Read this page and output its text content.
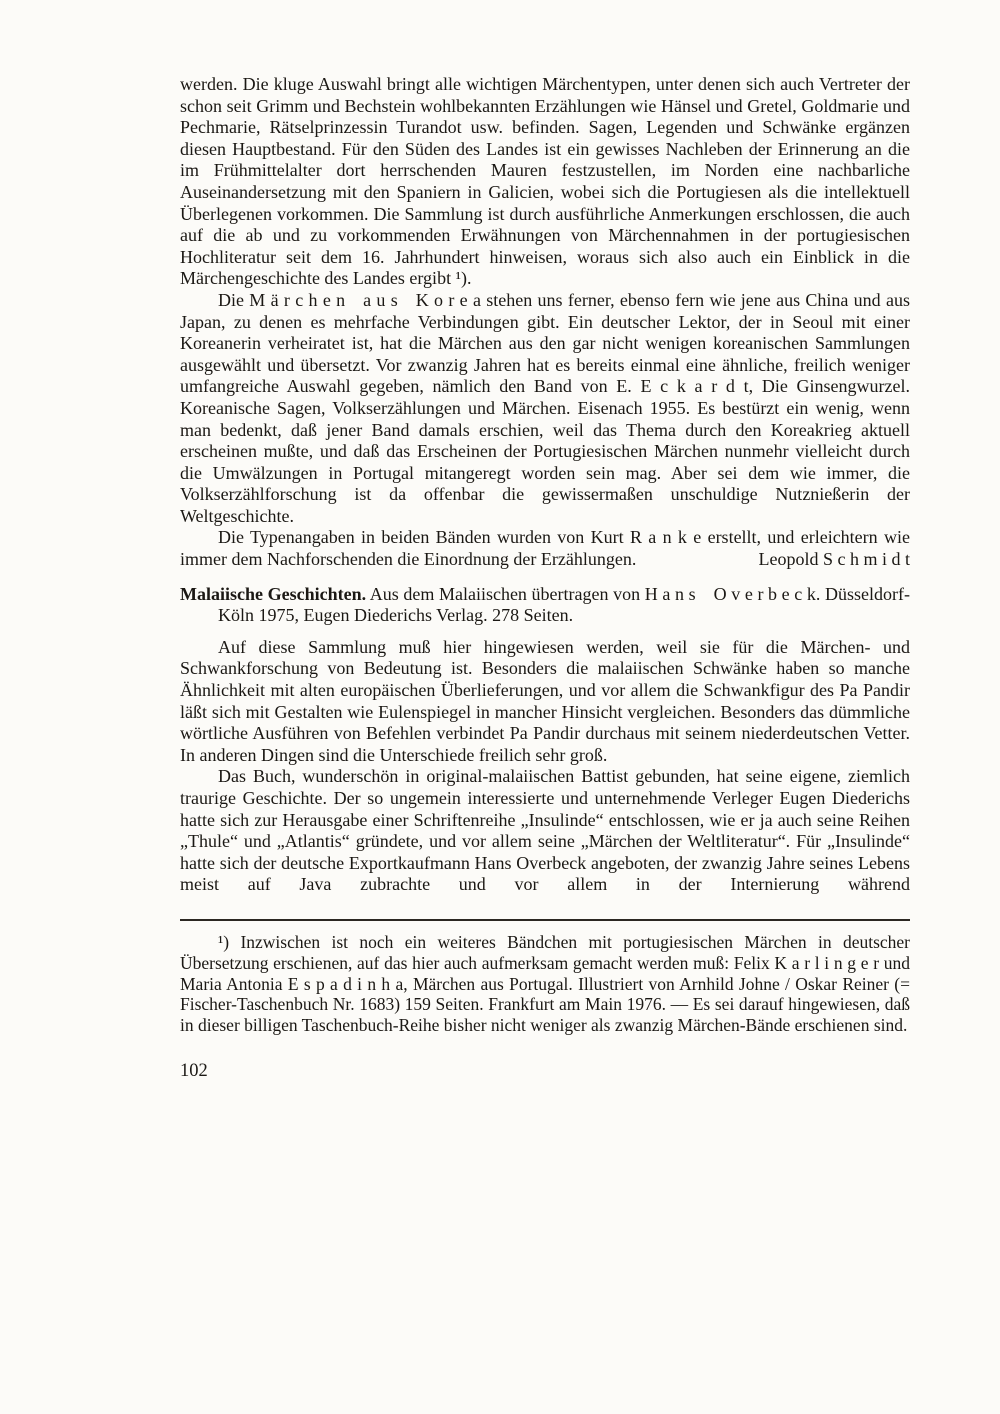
werden. Die kluge Auswahl bringt alle wichtigen Märchentypen, unter denen sich auch Vertreter der schon seit Grimm und Bechstein wohlbekannten Erzählungen wie Hänsel und Gretel, Goldmarie und Pechmarie, Rätselprinzessin Turandot usw. befinden. Sagen, Legenden und Schwänke ergänzen diesen Hauptbestand. Für den Süden des Landes ist ein gewisses Nachleben der Erinnerung an die im Frühmittelalter dort herrschenden Mauren festzustellen, im Norden eine nachbarliche Auseinandersetzung mit den Spaniern in Galicien, wobei sich die Portugiesen als die intellektuell Überlegenen vorkommen. Die Sammlung ist durch ausführliche Anmerkungen erschlossen, die auch auf die ab und zu vorkommenden Erwähnungen von Märchennahmen in der portugiesischen Hochliteratur seit dem 16. Jahrhundert hinweisen, woraus sich also auch ein Einblick in die Märchengeschichte des Landes ergibt ¹).

Die M ä r c h e n a u s K o r e a stehen uns ferner, ebenso fern wie jene aus China und aus Japan, zu denen es mehrfache Verbindungen gibt. Ein deutscher Lektor, der in Seoul mit einer Koreanerin verheiratet ist, hat die Märchen aus den gar nicht wenigen koreanischen Sammlungen ausgewählt und übersetzt. Vor zwanzig Jahren hat es bereits einmal eine ähnliche, freilich weniger umfangreiche Auswahl gegeben, nämlich den Band von E. E c k a r d t, Die Ginsengwurzel. Koreanische Sagen, Volkserzählungen und Märchen. Eisenach 1955. Es bestürzt ein wenig, wenn man bedenkt, daß jener Band damals erschien, weil das Thema durch den Koreakrieg aktuell erscheinen mußte, und daß das Erscheinen der Portugiesischen Märchen nunmehr vielleicht durch die Umwälzungen in Portugal mitangeregt worden sein mag. Aber sei dem wie immer, die Volkserzählforschung ist da offenbar die gewissermaßen unschuldige Nutznießerin der Weltgeschichte.

Die Typenangaben in beiden Bänden wurden von Kurt R a n k e erstellt, und erleichtern wie immer dem Nachforschenden die Einordnung der Erzählungen.	Leopold S c h m i d t

Malaiische Geschichten. Aus dem Malaiischen übertragen von H a n s O v e r b e c k. Düsseldorf-Köln 1975, Eugen Diederichs Verlag. 278 Seiten.

Auf diese Sammlung muß hier hingewiesen werden, weil sie für die Märchen- und Schwankforschung von Bedeutung ist. Besonders die malaiischen Schwänke haben so manche Ähnlichkeit mit alten europäischen Überlieferungen, und vor allem die Schwankfigur des Pa Pandir läßt sich mit Gestalten wie Eulenspiegel in mancher Hinsicht vergleichen. Besonders das dümmliche wörtliche Ausführen von Befehlen verbindet Pa Pandir durchaus mit seinem niederdeutschen Vetter. In anderen Dingen sind die Unterschiede freilich sehr groß.

Das Buch, wunderschön in original-malaiischen Battist gebunden, hat seine eigene, ziemlich traurige Geschichte. Der so ungemein interessierte und unternehmende Verleger Eugen Diederichs hatte sich zur Herausgabe einer Schriftenreihe „Insulinde“ entschlossen, wie er ja auch seine Reihen „Thule“ und „Atlantis“ gründete, und vor allem seine „Märchen der Weltliteratur“. Für „Insulinde“ hatte sich der deutsche Exportkaufmann Hans Overbeck angeboten, der zwanzig Jahre seines Lebens meist auf Java zubrachte und vor allem in der Internierung während

¹) Inzwischen ist noch ein weiteres Bändchen mit portugiesischen Märchen in deutscher Übersetzung erschienen, auf das hier auch aufmerksam gemacht werden muß: Felix K a r l i n g e r und Maria Antonia E s p a d i n h a, Märchen aus Portugal. Illustriert von Arnhild Johne / Oskar Reiner (= Fischer-Taschenbuch Nr. 1683) 159 Seiten. Frankfurt am Main 1976. — Es sei darauf hingewiesen, daß in dieser billigen Taschenbuch-Reihe bisher nicht weniger als zwanzig Märchen-Bände erschienen sind.

102
